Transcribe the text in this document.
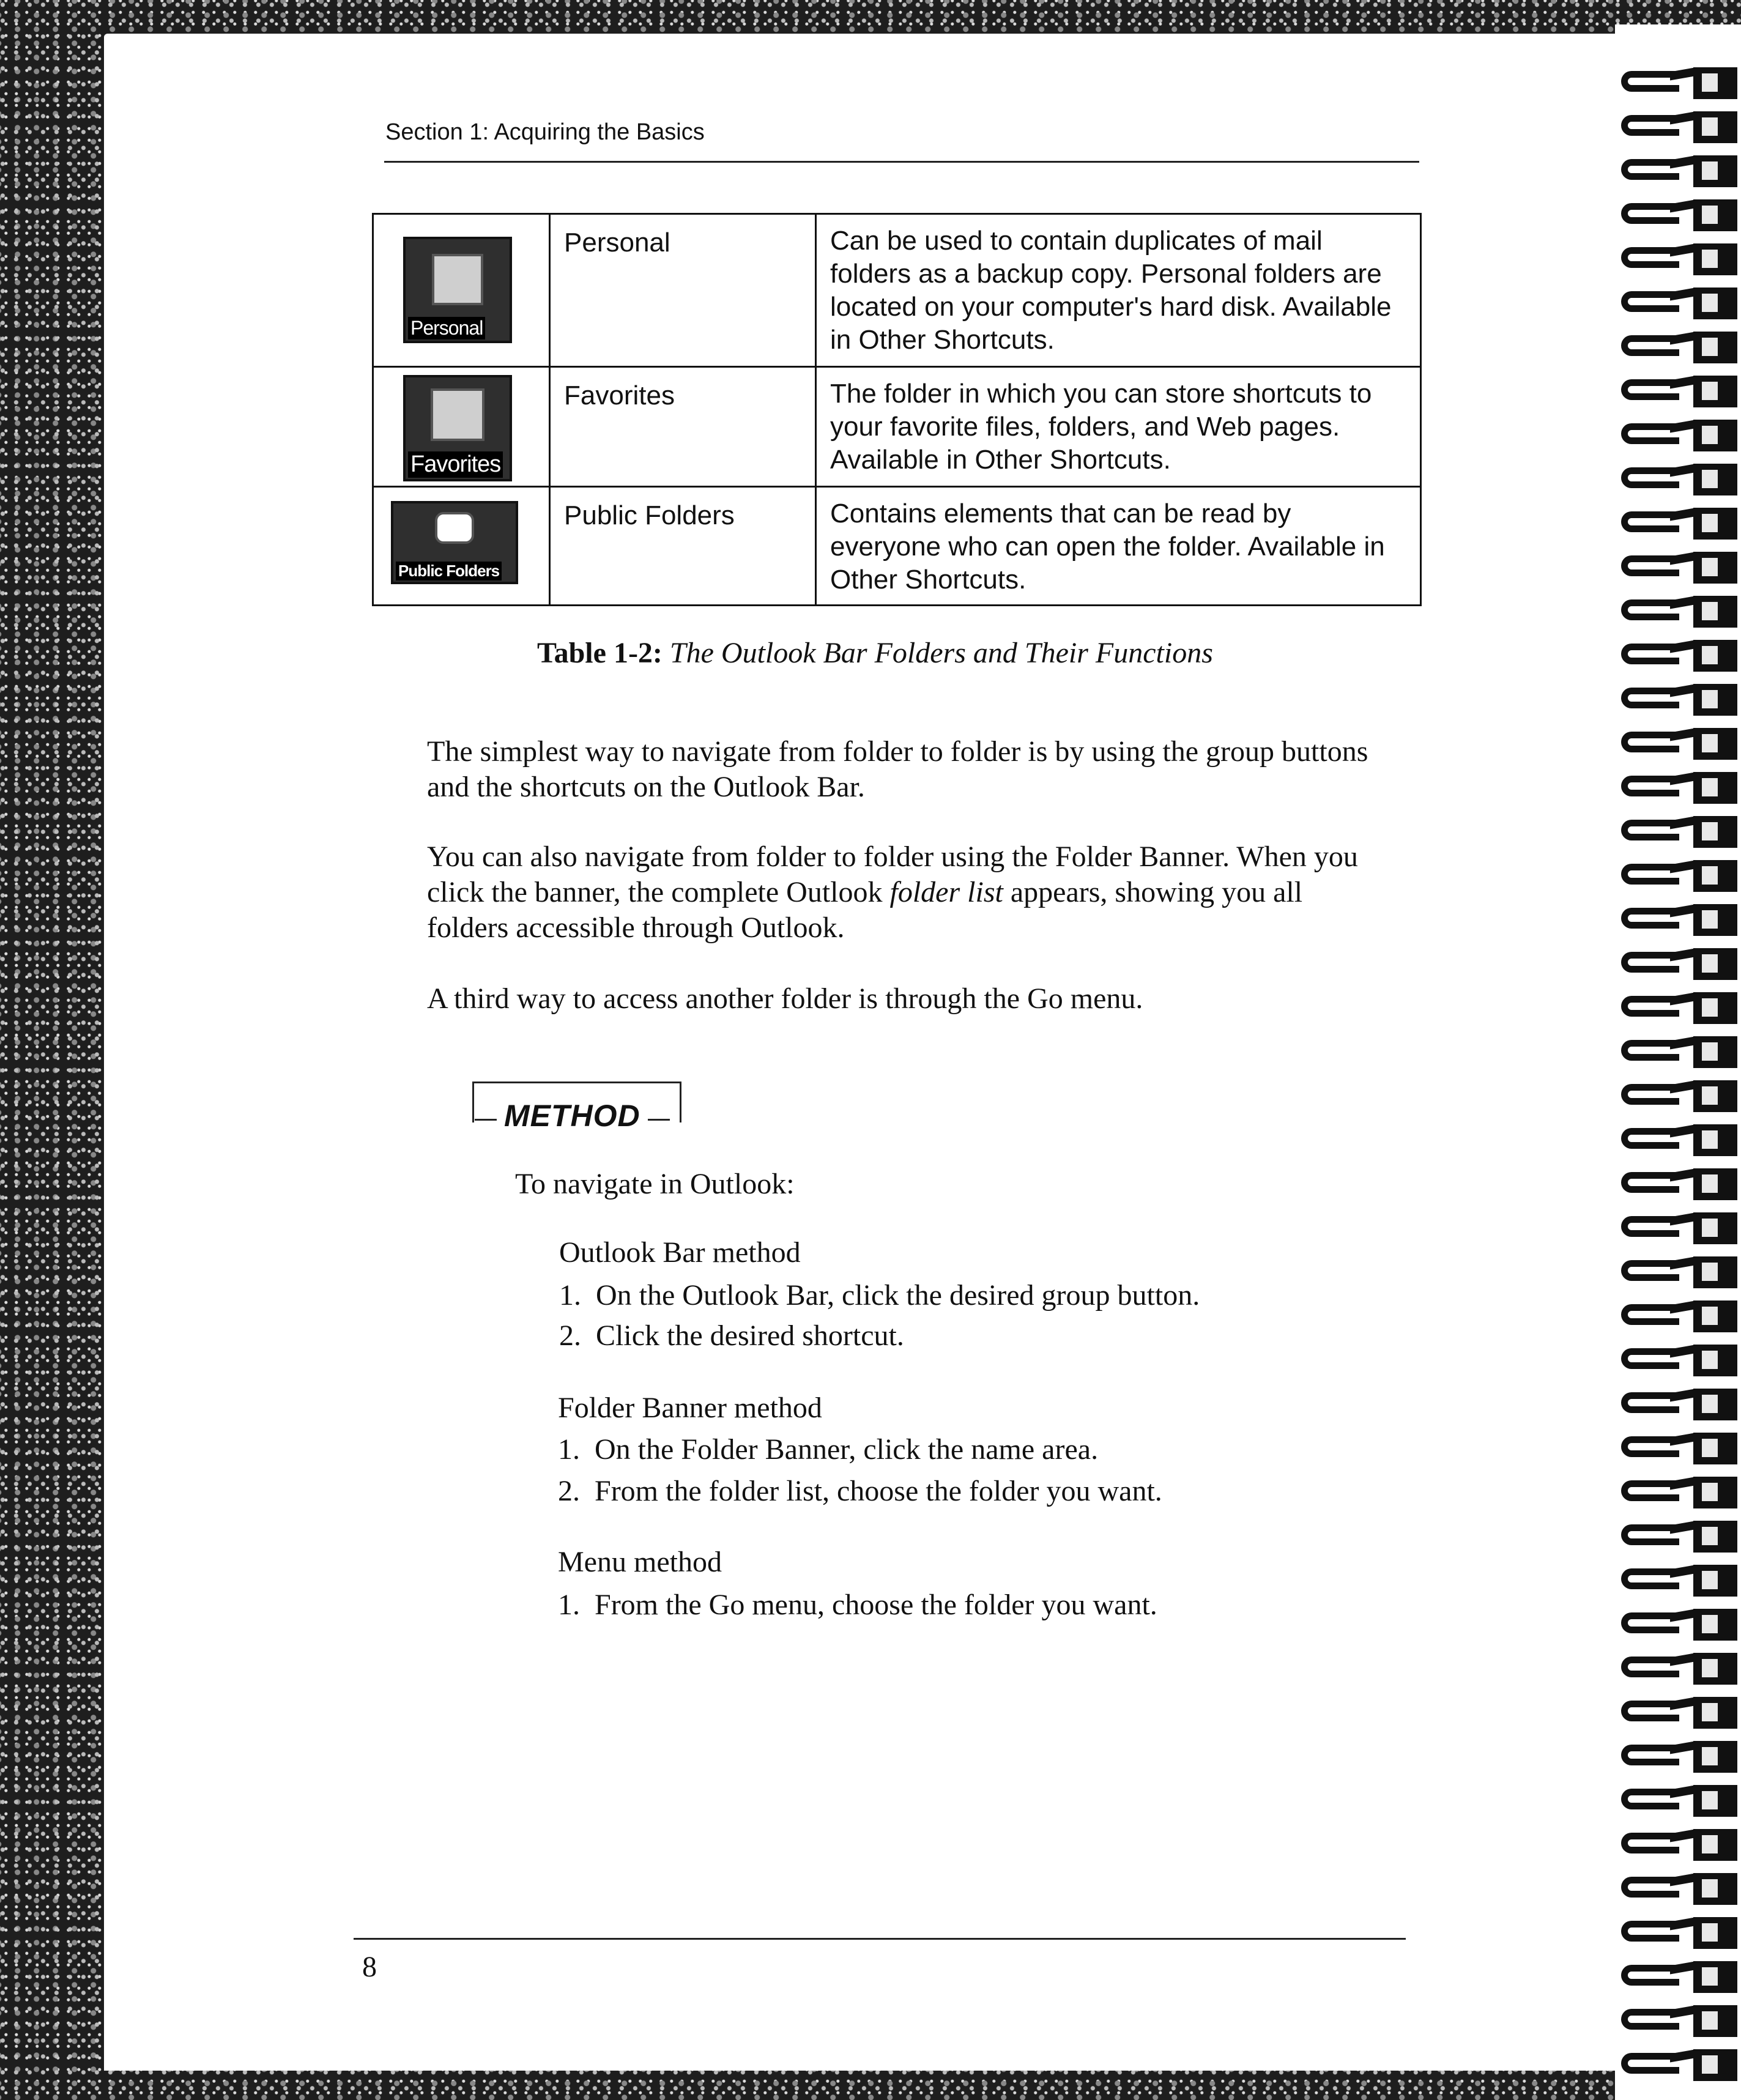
Section 1: Acquiring the Basics
Personal	Personal	Can be used to contain duplicates of mail folders as a backup copy. Personal folders are located on your computer's hard disk. Available in Other Shortcuts.

Favorites	Favorites	The folder in which you can store shortcuts to your favorite files, folders, and Web pages. Available in Other Shortcuts.

Public Folders	Public Folders	Contains elements that can be read by everyone who can open the folder. Available in Other Shortcuts.
Table 1-2: The Outlook Bar Folders and Their Functions
The simplest way to navigate from folder to folder is by using the group buttons and the shortcuts on the Outlook Bar.
You can also navigate from folder to folder using the Folder Banner. When you click the banner, the complete Outlook folder list appears, showing you all folders accessible through Outlook.
A third way to access another folder is through the Go menu.
METHOD
To navigate in Outlook:
Outlook Bar method
1. On the Outlook Bar, click the desired group button.
2. Click the desired shortcut.
Folder Banner method
1. On the Folder Banner, click the name area.
2. From the folder list, choose the folder you want.
Menu method
1. From the Go menu, choose the folder you want.
8
